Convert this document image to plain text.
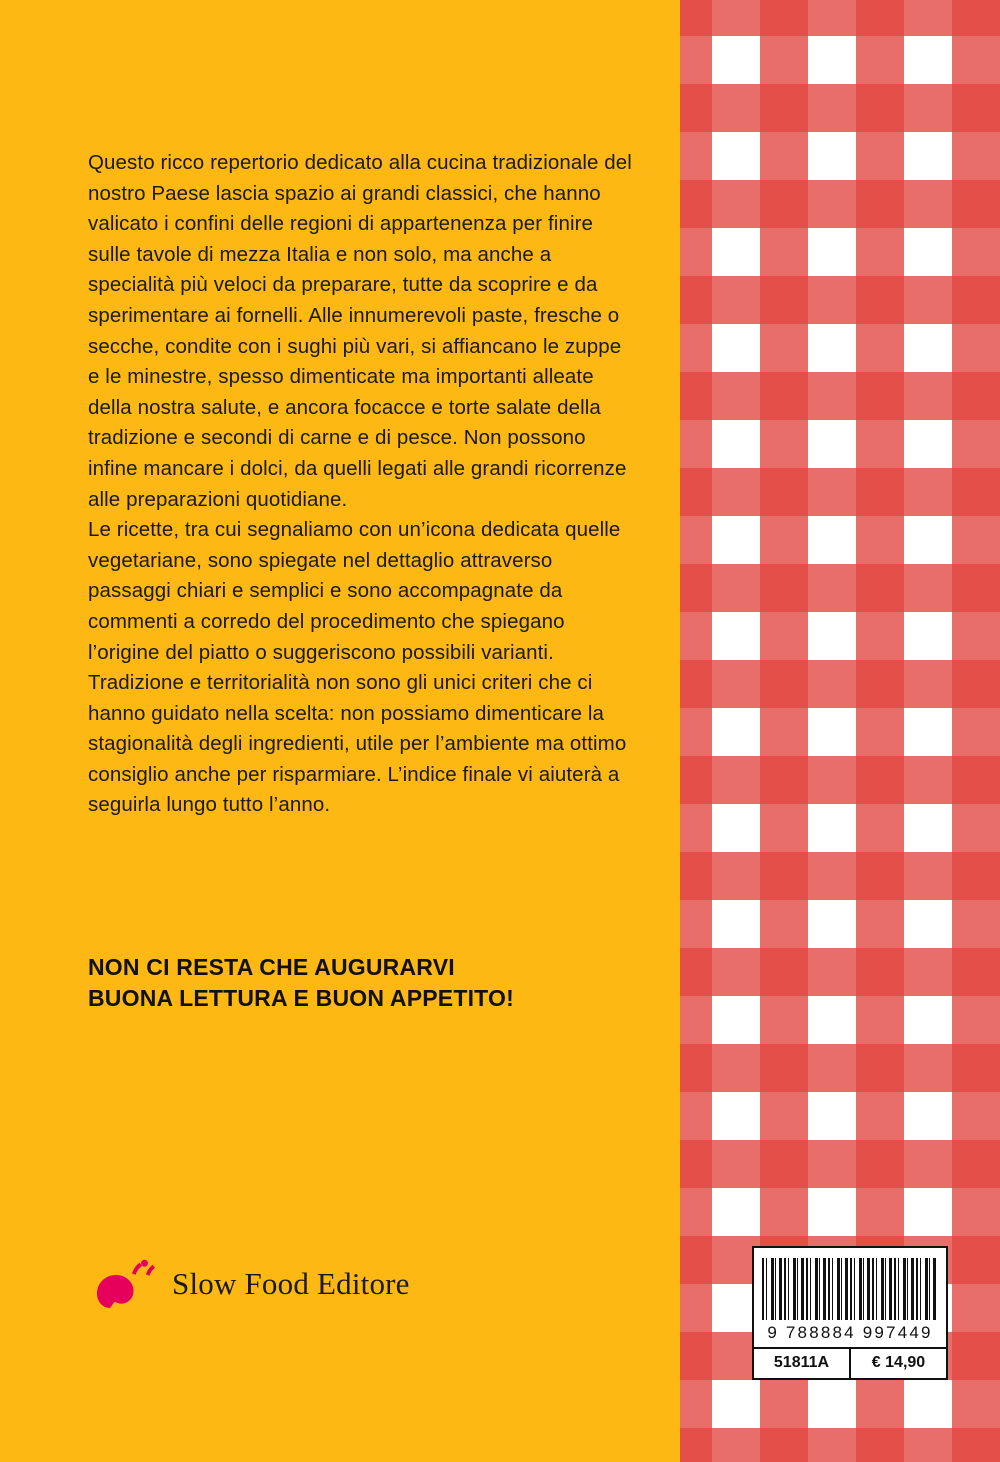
Questo ricco repertorio dedicato alla cucina tradizionale del nostro Paese lascia spazio ai grandi classici, che hanno valicato i confini delle regioni di appartenenza per finire sulle tavole di mezza Italia e non solo, ma anche a specialità più veloci da preparare, tutte da scoprire e da sperimentare ai fornelli. Alle innumerevoli paste, fresche o secche, condite con i sughi più vari, si affiancano le zuppe e le minestre, spesso dimenticate ma importanti alleate della nostra salute, e ancora focacce e torte salate della tradizione e secondi di carne e di pesce. Non possono infine mancare i dolci, da quelli legati alle grandi ricorrenze alle preparazioni quotidiane.

Le ricette, tra cui segnaliamo con un’icona dedicata quelle vegetariane, sono spiegate nel dettaglio attraverso passaggi chiari e semplici e sono accompagnate da commenti a corredo del procedimento che spiegano l’origine del piatto o suggeriscono possibili varianti.

Tradizione e territorialità non sono gli unici criteri che ci hanno guidato nella scelta: non possiamo dimenticare la stagionalità degli ingredienti, utile per l’ambiente ma ottimo consiglio anche per risparmiare. L’indice finale vi aiuterà a seguirla lungo tutto l’anno.

NON CI RESTA CHE AUGURARVI
BUONA LETTURA E BUON APPETITO!
Slow Food Editore
9 788884 997449
51811A	€ 14,90
